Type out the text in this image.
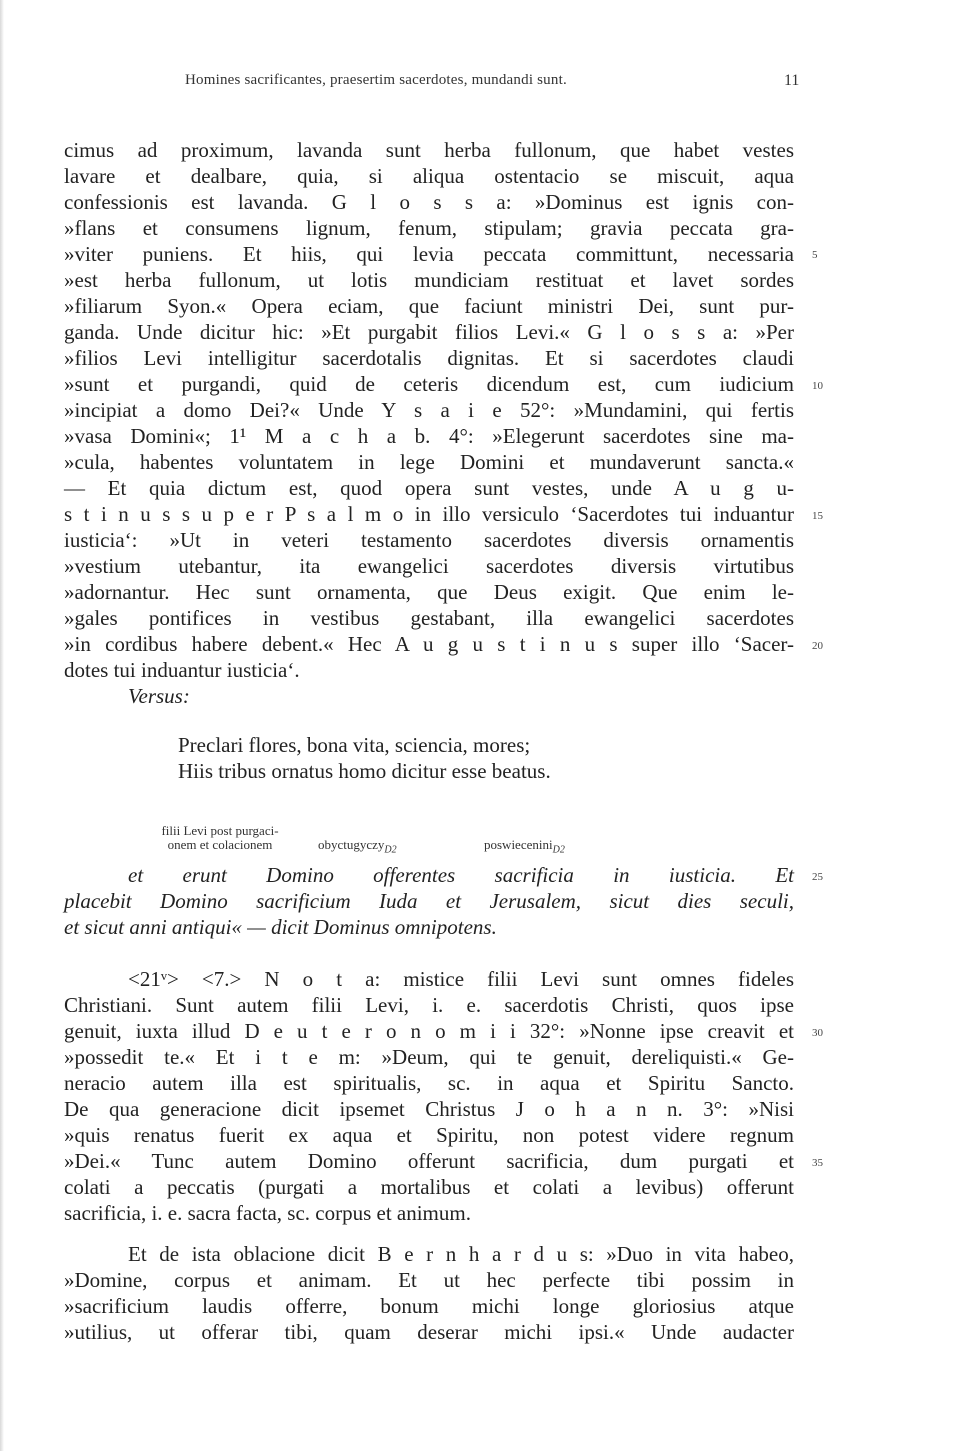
Homines sacrificantes, praesertim sacerdotes, mundandi sunt.	11
cimus ad proximum, lavanda sunt herba fullonum, que habet vestes
lavare et dealbare, quia, si aliqua ostentacio se miscuit, aqua
confessionis est lavanda. G l o s s a: »Dominus est ignis con-
»flans et consumens lignum, fenum, stipulam; gravia peccata gra-
»viter puniens. Et hiis, qui levia peccata committunt, necessaria
»est herba fullonum, ut lotis mundiciam restituat et lavet sordes
»filiarum Syon.« Opera eciam, que faciunt ministri Dei, sunt pur-
ganda. Unde dicitur hic: »Et purgabit filios Levi.« G l o s s a: »Per
»filios Levi intelligitur sacerdotalis dignitas. Et si sacerdotes claudi
»sunt et purgandi, quid de ceteris dicendum est, cum iudicium
»incipiat a domo Dei?« Unde Y s a i e 52°: »Mundamini, qui fertis
»vasa Domini«; 1¹ M a c h a b. 4°: »Elegerunt sacerdotes sine ma-
»cula, habentes voluntatem in lege Domini et mundaverunt sancta.«
— Et quia dictum est, quod opera sunt vestes, unde A u g u-
s t i n u s s u p e r P s a l m o in illo versiculo ‘Sacerdotes tui induantur
iusticia‘: »Ut in veteri testamento sacerdotes diversis ornamentis
»vestium utebantur, ita ewangelici sacerdotes diversis virtutibus
»adornantur. Hec sunt ornamenta, que Deus exigit. Que enim le-
»gales pontifices in vestibus gestabant, illa ewangelici sacerdotes
»in cordibus habere debent.« Hec A u g u s t i n u s super illo ‘Sacer-
dotes tui induantur iusticia‘.
Versus:
Preclari flores, bona vita, sciencia, mores;
Hiis tribus ornatus homo dicitur esse beatus.
filii Levi post purgaci-
onem et colacionem	obyctugyczy$_{D2}$	poswiecenini$_{D2}$
et erunt Domino offerentes sacrificia in iusticia. Et
placebit Domino sacrificium Iuda et Jerusalem, sicut dies seculi,
et sicut anni antiqui« — dicit Dominus omnipotens.
<21ᵛ> <7.> N o t a: mistice filii Levi sunt omnes fideles
Christiani. Sunt autem filii Levi, i. e. sacerdotis Christi, quos ipse
genuit, iuxta illud D e u t e r o n o m i i 32°: »Nonne ipse creavit et
»possedit te.« Et i t e m: »Deum, qui te genuit, dereliquisti.« Ge-
neracio autem illa est spiritualis, sc. in aqua et Spiritu Sancto.
De qua generacione dicit ipsemet Christus J o h a n n. 3°: »Nisi
»quis renatus fuerit ex aqua et Spiritu, non potest videre regnum
»Dei.« Tunc autem Domino offerunt sacrificia, dum purgati et
colati a peccatis (purgati a mortalibus et colati a levibus) offerunt
sacrificia, i. e. sacra facta, sc. corpus et animum.
Et de ista oblacione dicit B e r n h a r d u s: »Duo in vita habeo,
»Domine, corpus et animam. Et ut hec perfecte tibi possim in
»sacrificium laudis offerre, bonum michi longe gloriosius atque
»utilius, ut offerar tibi, quam deserar michi ipsi.« Unde audacter
5
10
15
20
25
30
35
